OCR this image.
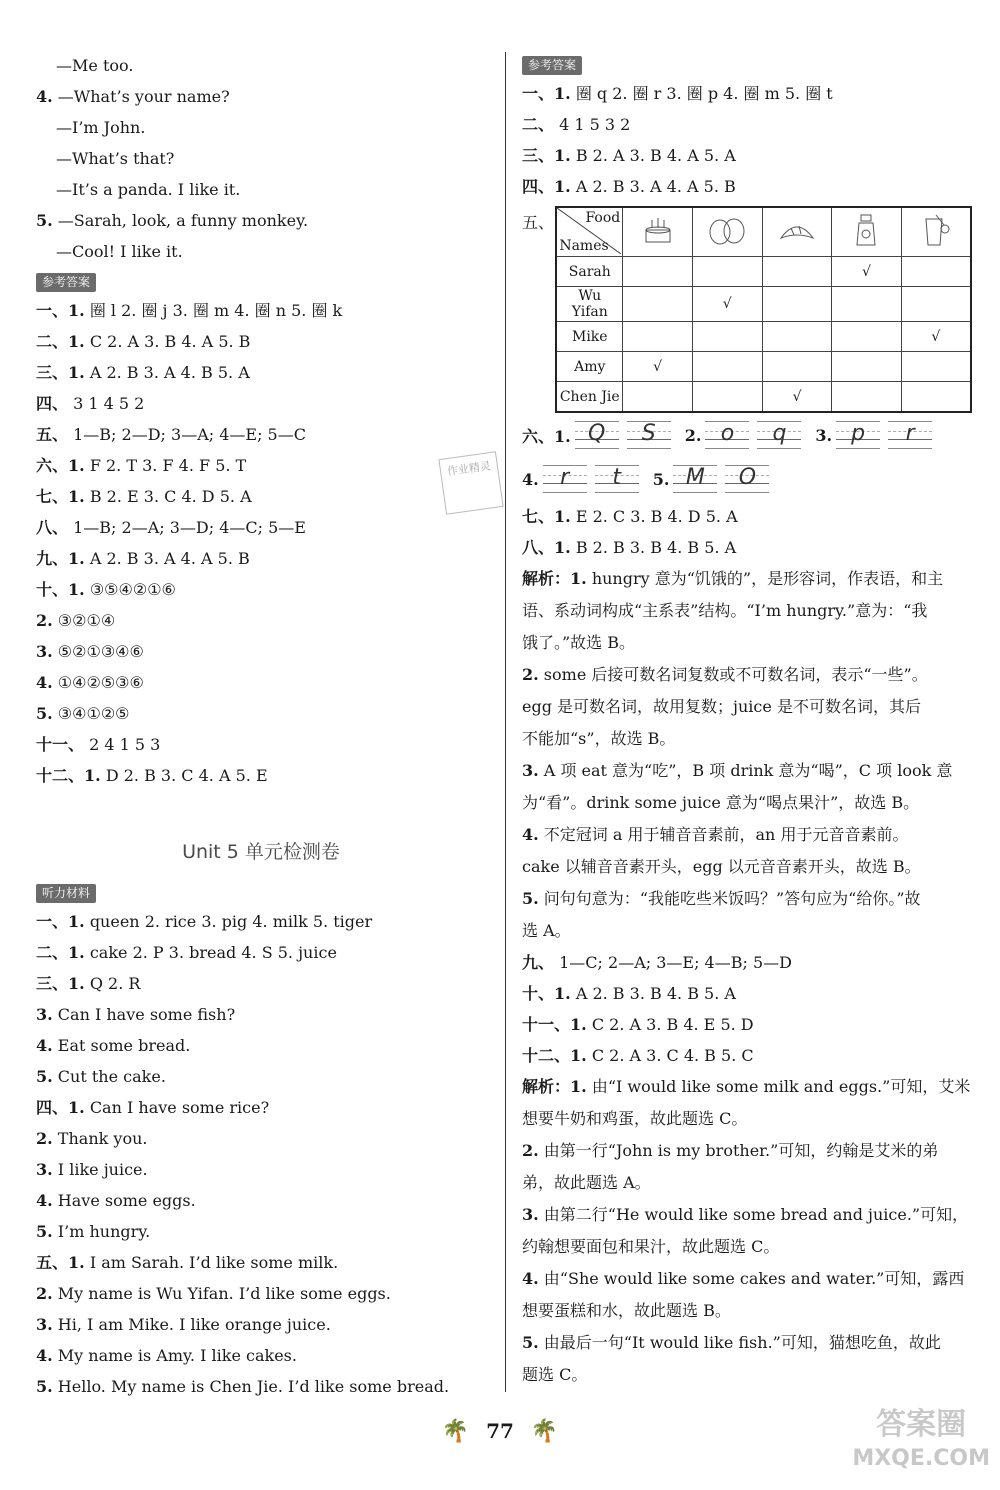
—Me too.
4. —What’s your name?
—I’m John.
—What’s that?
—It’s a panda. I like it.
5. —Sarah, look, a funny monkey.
—Cool! I like it.
参考答案
一、1. 圈 l 2. 圈 j 3. 圈 m 4. 圈 n 5. 圈 k
二、1. C 2. A 3. B 4. A 5. B
三、1. A 2. B 3. A 4. B 5. A
四、 3 1 4 5 2
五、 1—B; 2—D; 3—A; 4—E; 5—C
六、1. F 2. T 3. F 4. F 5. T
七、1. B 2. E 3. C 4. D 5. A
八、 1—B; 2—A; 3—D; 4—C; 5—E
九、1. A 2. B 3. A 4. A 5. B
十、1. ③⑤④②①⑥
2. ③②①④
3. ⑤②①③④⑥
4. ①④②⑤③⑥
5. ③④①②⑤
十一、 2 4 1 5 3
十二、1. D 2. B 3. C 4. A 5. E
Unit 5 单元检测卷
听力材料
一、1. queen 2. rice 3. pig 4. milk 5. tiger
二、1. cake 2. P 3. bread 4. S 5. juice
三、1. Q 2. R
3. Can I have some fish?
4. Eat some bread.
5. Cut the cake.
四、1. Can I have some rice?
2. Thank you.
3. I like juice.
4. Have some eggs.
5. I’m hungry.
五、1. I am Sarah. I’d like some milk.
2. My name is Wu Yifan. I’d like some eggs.
3. Hi, I am Mike. I like orange juice.
4. My name is Amy. I like cakes.
5. Hello. My name is Chen Jie. I’d like some bread.
作业精灵
参考答案
一、1. 圈 q 2. 圈 r 3. 圈 p 4. 圈 m 5. 圈 t
二、 4 1 5 3 2
三、1. B 2. A 3. B 4. A 5. A
四、1. A 2. B 3. A 4. A 5. B
五、 Food
Names

Sarah				√	
Wu Yifan		√			
Mike					√
Amy	√				
Chen Jie			√		
六、1. Q	S	2. o	q	3. p	r
4. r	t	5. M	O
七、1. E 2. C 3. B 4. D 5. A
八、1. B 2. B 3. B 4. B 5. A
解析：1. hungry 意为“饥饿的”，是形容词，作表语，和主
语、系动词构成“主系表”结构。“I’m hungry.”意为：“我
饿了。”故选 B。
2. some 后接可数名词复数或不可数名词，表示“一些”。
egg 是可数名词，故用复数；juice 是不可数名词，其后
不能加“s”，故选 B。
3. A 项 eat 意为“吃”，B 项 drink 意为“喝”，C 项 look 意
为“看”。drink some juice 意为“喝点果汁”，故选 B。
4. 不定冠词 a 用于辅音音素前，an 用于元音音素前。
cake 以辅音音素开头，egg 以元音音素开头，故选 B。
5. 问句句意为：“我能吃些米饭吗？”答句应为“给你。”故
选 A。
九、 1—C; 2—A; 3—E; 4—B; 5—D
十、1. A 2. B 3. B 4. B 5. A
十一、1. C 2. A 3. B 4. E 5. D
十二、1. C 2. A 3. C 4. B 5. C
解析：1. 由“I would like some milk and eggs.”可知，艾米
想要牛奶和鸡蛋，故此题选 C。
2. 由第一行“John is my brother.”可知，约翰是艾米的弟
弟，故此题选 A。
3. 由第二行“He would like some bread and juice.”可知，
约翰想要面包和果汁，故此题选 C。
4. 由“She would like some cakes and water.”可知，露西
想要蛋糕和水，故此题选 B。
5. 由最后一句“It would like fish.”可知，猫想吃鱼，故此
题选 C。
🌴 77 🌴	答案圈
MXQE.COM
